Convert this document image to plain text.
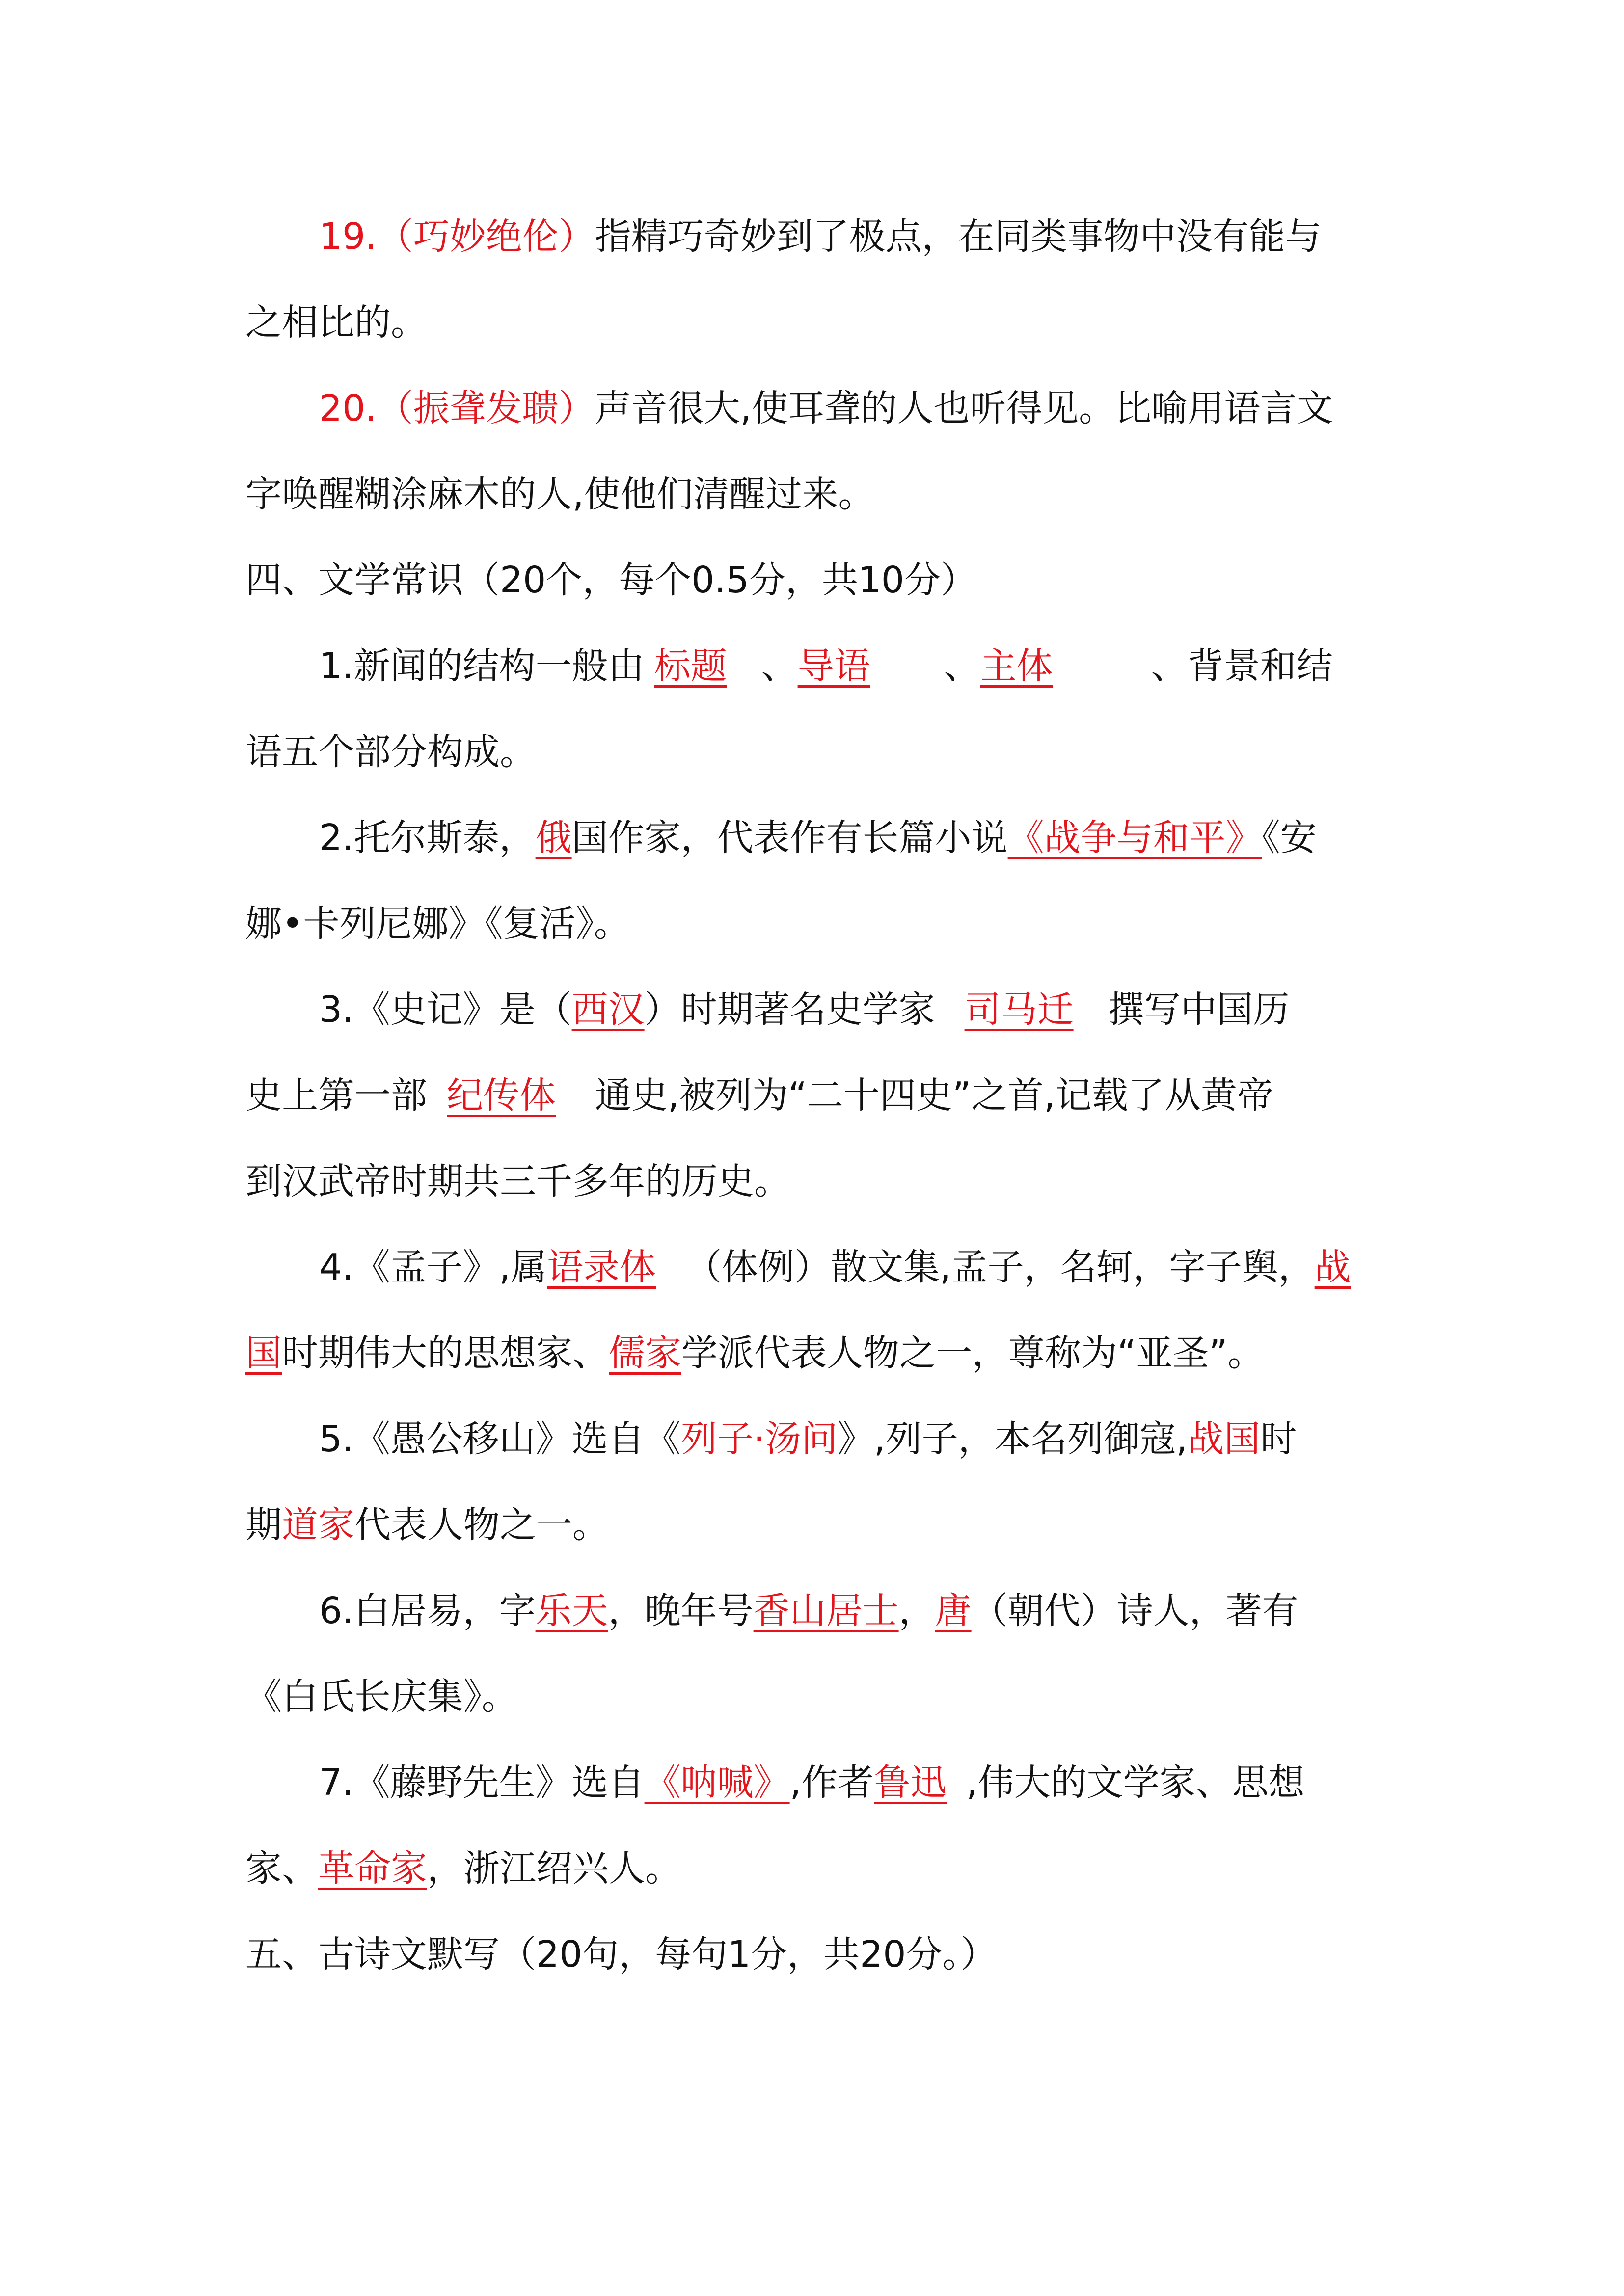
19.（巧妙绝伦）指精巧奇妙到了极点，在同类事物中没有能与

之相比的。

20.（振聋发聩）声音很大,使耳聋的人也听得见。比喻用语言文

字唤醒糊涂麻木的人,使他们清醒过来。

四、文学常识（20个，每个0.5分，共10分）

1.新闻的结构一般由 标题 、导语 、主体	、背景和结

语五个部分构成。

2.托尔斯泰，俄国作家，代表作有长篇小说《战争与和平》《安

娜•卡列尼娜》《复活》。

3.《史记》是（西汉）时期著名史学家 司马迁 撰写中国历

史上第一部 纪传体 通史,被列为“二十四史”之首,记载了从黄帝

到汉武帝时期共三千多年的历史。

4.《孟子》,属语录体 （体例）散文集,孟子，名轲，字子舆，战

国时期伟大的思想家、儒家学派代表人物之一，尊称为“亚圣”。

5.《愚公移山》选自《列子·汤问》,列子，本名列御寇,战国时

期道家代表人物之一。

6.白居易，字乐天，晚年号香山居士，唐（朝代）诗人，著有

《白氏长庆集》。

7.《藤野先生》选自《呐喊》,作者鲁迅 ,伟大的文学家、思想

家、革命家，浙江绍兴人。

五、古诗文默写（20句，每句1分，共20分。）
